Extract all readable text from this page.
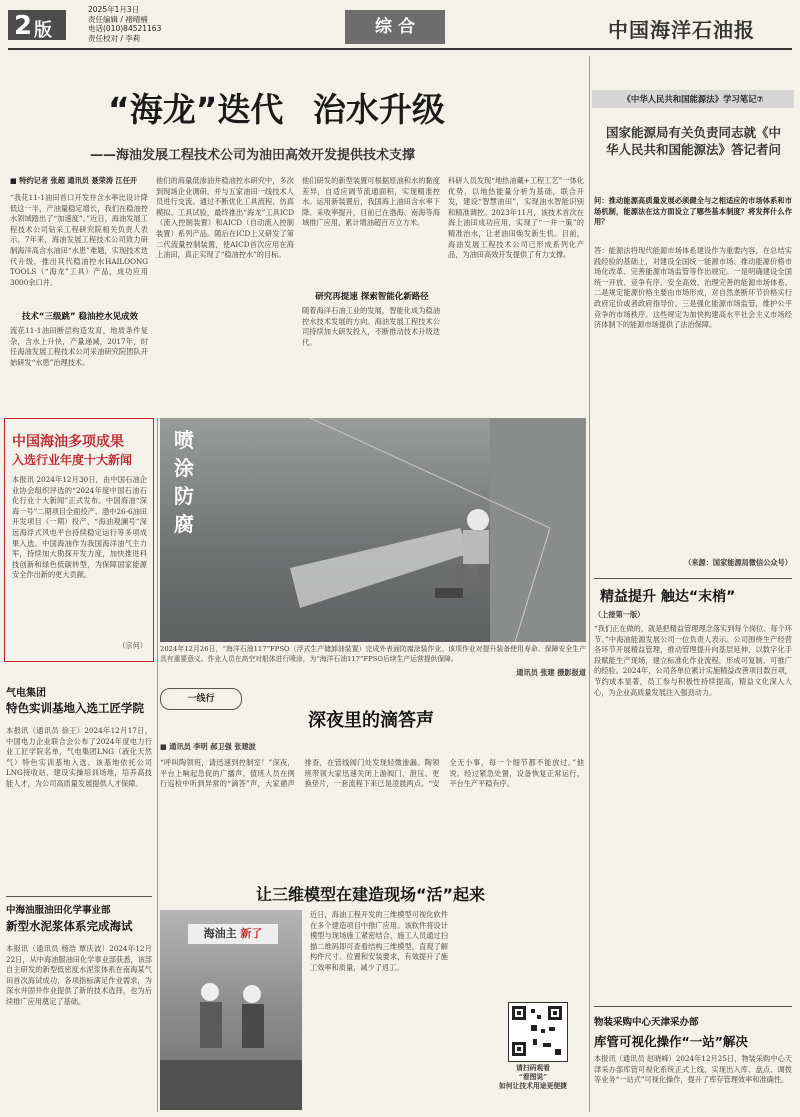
2 版
2025年1月3日
责任编辑 / 褚晴楠
电话(010)84521163
责任校对 / 李莉
综 合	中国海洋石油报
“海龙”迭代 治水升级
——海油发展工程技术公司为油田高效开发提供技术支撑
■ 特约记者 张超 通讯员 聂荣涛 江任开
“我花11-1油田首口开发井含水率比设计降低这一半，产油量稳定增长，我们在稳油控水领域踏出了“加速度”。”近日，海油发展工程技术公司钻采工程研究院相关负责人表示。7年来，海油发展工程技术公司致力研制海洋高含水油田“水患”难题，实现技术迭代升级，推出其代稳油控水HAILOONG TOOLS（“海龙”工具）产品，成功应用3000余口井。
技术“三级跳” 稳油控水见成效
流花11-1油田断层构造发育，地质条件复杂，含水上升快，产量递减，2017年，时任海油发展工程技术公司采油研究院团队开始研发“水患”治理技术。
他们的海量低渗油井稳油控水研究中，多次到现场企业调研，并与五家油田一线技术人员进行交流。通过不断优化工具流程、仿真模拟、工具试验，最终推出“海龙”工具ICD（流入控制装置）和AICD（自动流入控制装置）系列产品。随后在ICD上又研发了第二代流量控制装置，使AICD首次应用在海上油田，真正实现了“稳油控水”的目标。
他们研发的新型装置可根据原油和水的黏度差异，自适应调节流通面积，实现精准控水。运用新装置后，我国海上油田含水率下降、采收率提升，目前已在渤海、南海等海域推广应用，累计增油超百万立方米。
研究再提速 探索智能化新路径
随着海洋石油工业的发展，智能化成为稳油控水技术发展的方向。海油发展工程技术公司持续加大研发投入，不断推动技术升级迭代。
科研人员发现“地热油藏+工程工艺”一体化优势，以地热能量分析为基础，联合开发，建设“智慧油田”，实现油水智能识别和精准调控。2023年11月，该技术首次在海上油田成功应用，实现了“一井一策”的精准治水，让老油田焕发新生机。目前，海油发展工程技术公司已形成系列化产品，为油田高效开发提供了有力支撑。
中国海油多项成果
入选行业年度十大新闻
本报讯 2024年12月30日，由中国石油企业协会组织评选的“2024年度中国石油石化行业十大新闻”正式发布。中国海油“深海一号”二期项目全面投产、渤中26-6油田开发项目（一期）投产、“海油观澜号”深远海浮式风电平台持续稳定运行等多项成果入选。中国海油作为我国海洋油气主力军，持续加大勘探开发力度，加快推进科技创新和绿色低碳转型，为保障国家能源安全作出新的更大贡献。
（宗何）
喷
涂
防
腐
2024年12月26日，“海洋石油117”FPSO（浮式生产储卸油装置）完成外表面防腐涂装作业。该项作业对提升装备使用寿命、保障安全生产具有重要意义。作业人员在高空对船体进行喷涂，为“海洋石油117”FPSO后续生产运营提供保障。
通讯员 张建 摄影报道
气电集团
特色实训基地入选工匠学院
本报讯（通讯员 徐王）2024年12月17日，中国电力企业联合会公布了2024年度电力行业工匠学院名单，气电集团LNG（液化天然气）特色实训基地入选。该基地依托公司LNG接收站，建设实操培训场地，培养高技能人才，为公司高质量发展提供人才保障。
中海油服油田化学事业部
新型水泥浆体系完成海试
本报讯（通讯员 杨浩 覃庆波）2024年12月22日，从中海油服油田化学事业部获悉，该部自主研发的新型低密度水泥浆体系在南海某气田首次海试成功，各项指标满足作业需求，为深水井固井作业提供了新的技术选择，也为后续推广应用奠定了基础。
一线行
深夜里的滴答声
■ 通讯员 李明 郝卫强 张建波
“呼叫陶领班，请迅速到控制室！”深夜，平台上响起急促的广播声。值班人员在例行巡检中听到异常的“滴答”声，大家循声排查，在管线阀门处发现轻微渗漏。陶领班带领大家迅速关闭上游阀门，泄压、更换垫片，一套流程下来已是凌晨两点。“安全无小事，每一个细节都不能放过。”他说。经过紧急处置，设备恢复正常运行，平台生产平稳有序。
让三维模型在建造现场“活”起来
海油主 新了
近日，海油工程开发的三维模型可视化软件在多个建造项目中推广应用。该软件将设计模型与现场施工紧密结合，施工人员通过扫描二维码即可查看结构三维模型，直观了解构件尺寸、位置和安装要求，有效提升了施工效率和质量，减少了返工。
请扫码观看
“看图说”
如何让技术用途更便捷
《中华人民共和国能源法》学习笔记⑦
国家能源局有关负责同志就《中华人民共和国能源法》答记者问
问：推动能源高质量发展必须健全与之相适应的市场体系和市场机制，能源法在这方面设立了哪些基本制度？将发挥什么作用？
答：能源法将现代能源市场体系建设作为重要内容，在总结实践经验的基础上，对建设全国统一能源市场、推动能源价格市场化改革、完善能源市场监管等作出规定。一是明确建设全国统一开放、竞争有序、安全高效、治理完善的能源市场体系。二是规定能源价格主要由市场形成，对自然垄断环节价格实行政府定价或者政府指导价。三是强化能源市场监管，维护公平竞争的市场秩序。这些规定为加快构建高水平社会主义市场经济体制下的能源市场提供了法治保障。
（来源：国家能源局微信公众号）
精益提升 触达“末梢”
（上接第一版）
“我们正在做的，就是把精益管理理念落实到每个岗位、每个环节。”中海油能源发展公司一位负责人表示。公司围绕生产经营各环节开展精益管理，推动管理提升向基层延伸，以数字化手段赋能生产现场，建立标准化作业流程，形成可复制、可推广的经验。2024年，公司各单位累计实施精益改善项目数百项，节约成本显著，员工参与积极性持续提高，精益文化深入人心，为企业高质量发展注入强劲动力。
物装采购中心天津采办部
库管可视化操作“一站”解决
本报讯（通讯员 赵晓峰）2024年12月25日，物装采购中心天津采办部库管可视化系统正式上线，实现出入库、盘点、调拨等业务“一站式”可视化操作，提升了库存管理效率和准确性。
